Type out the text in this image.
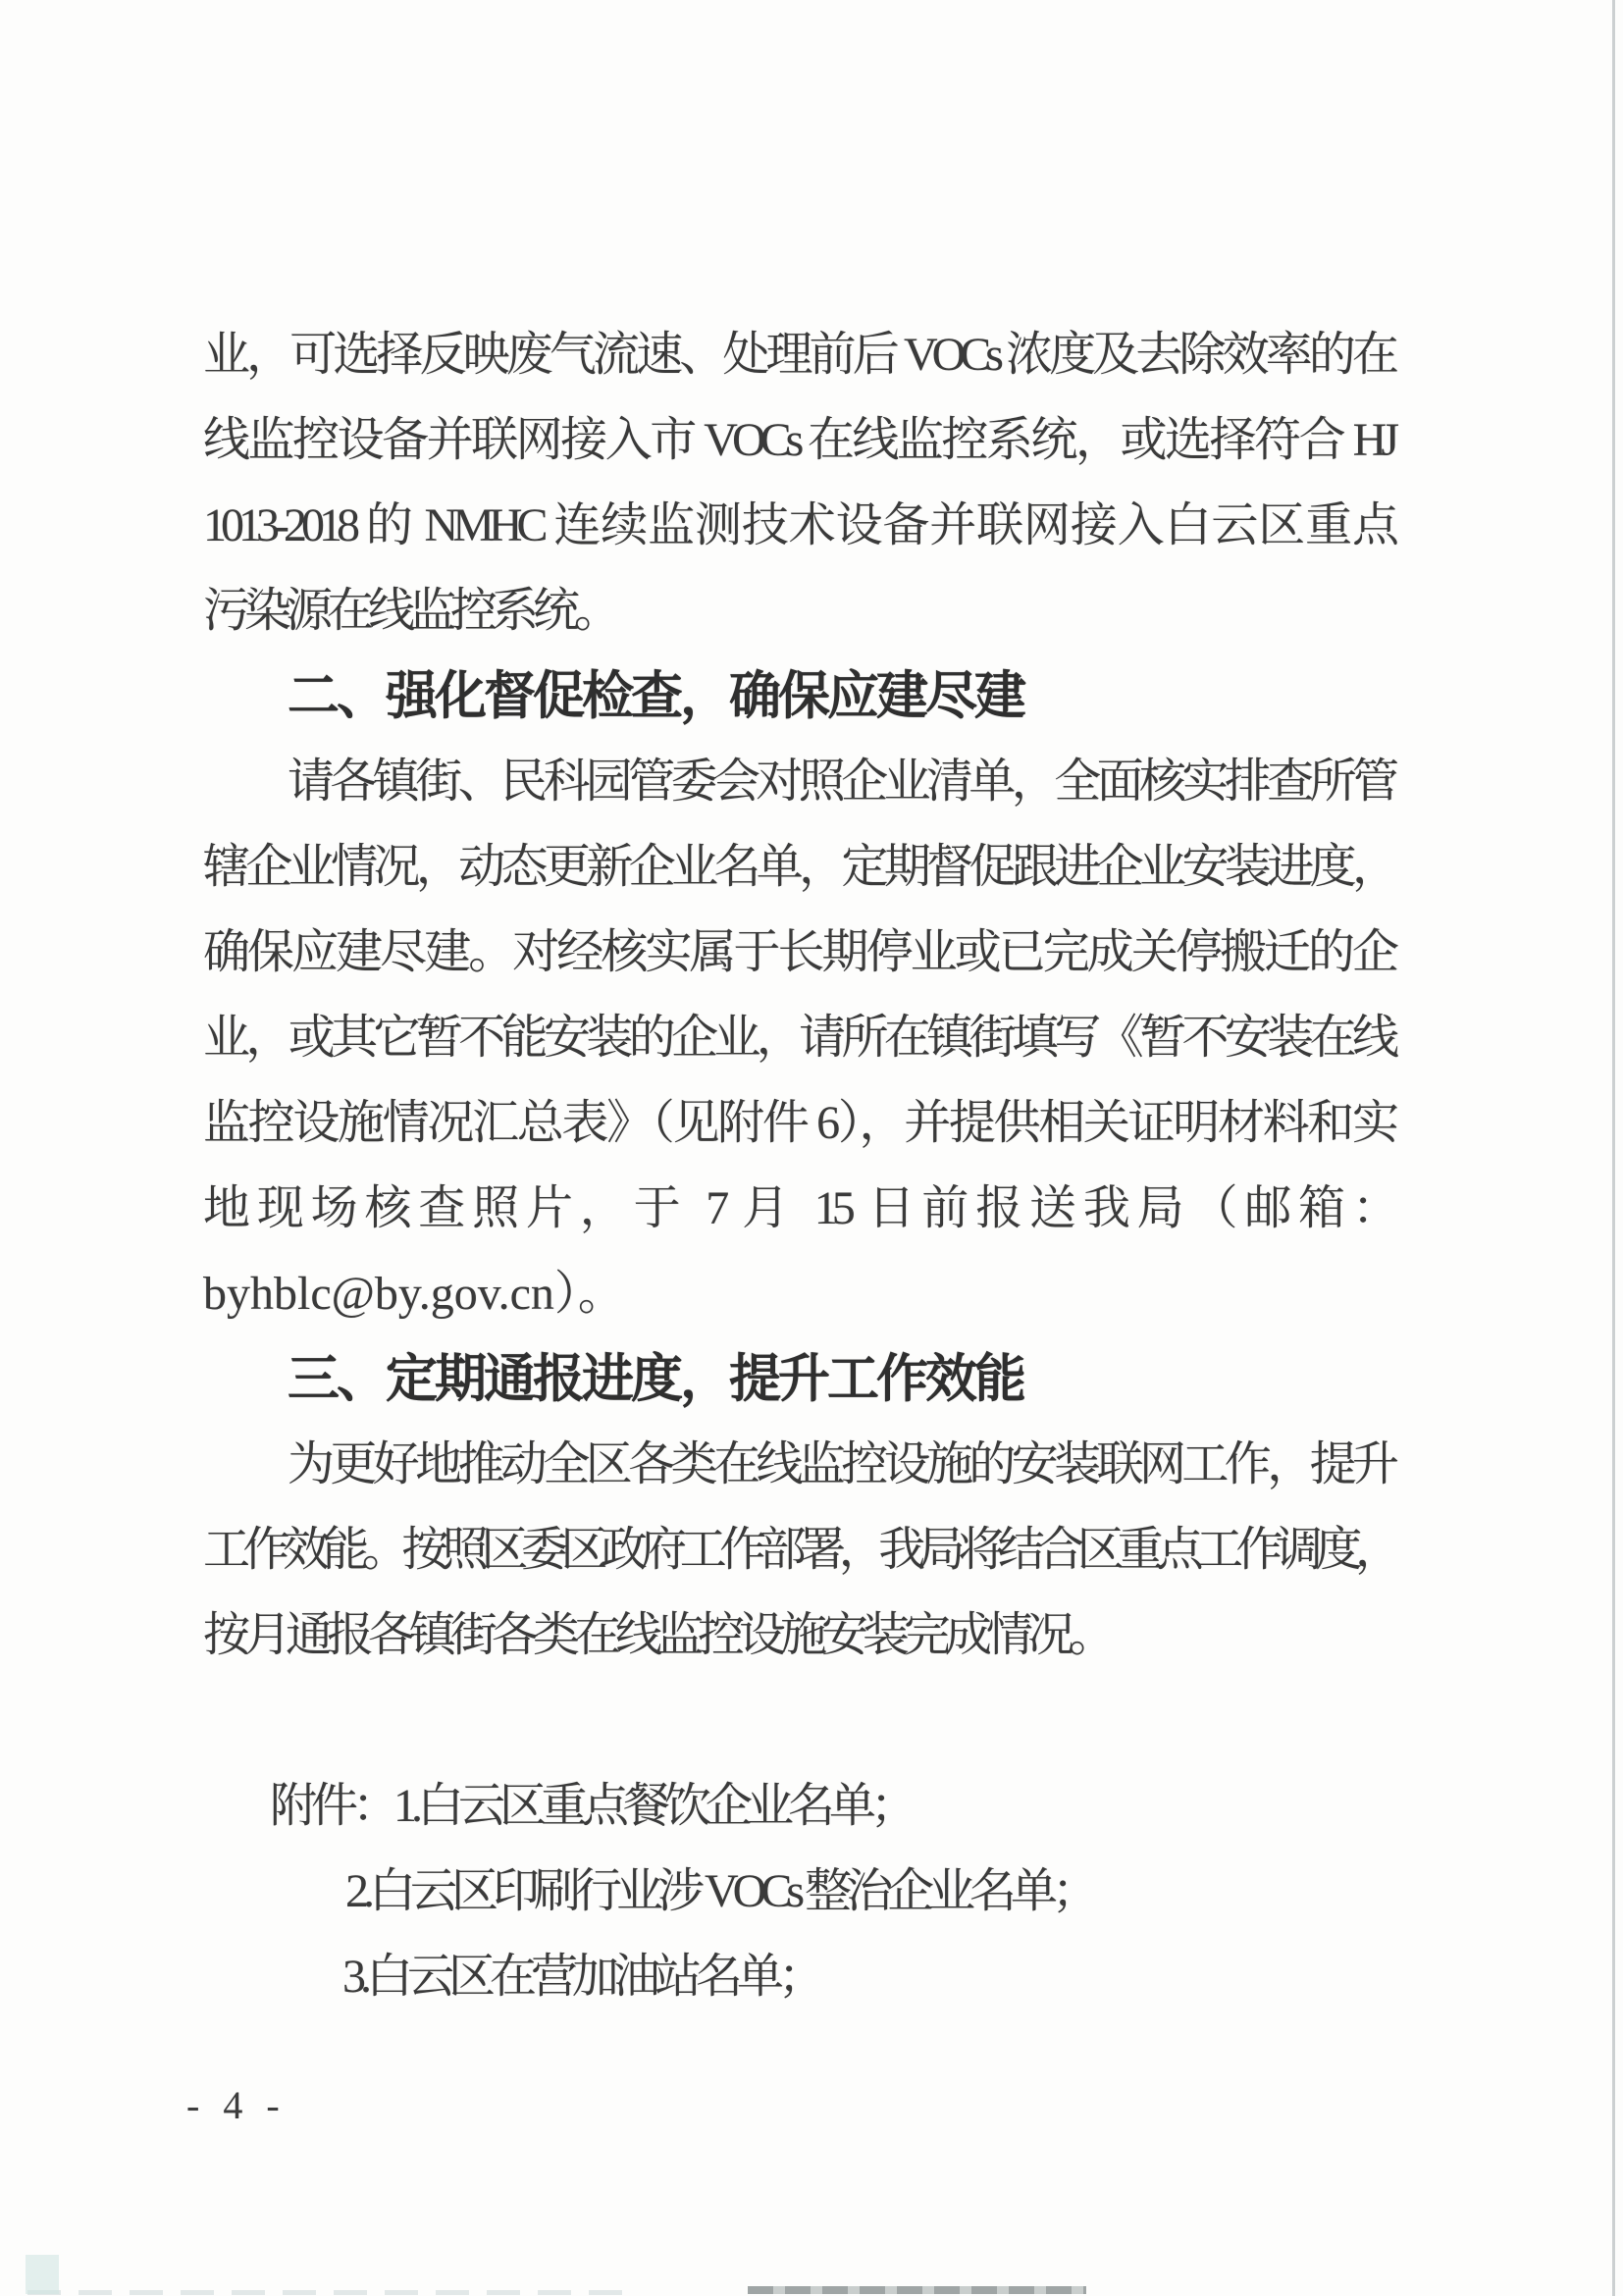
业，可选择反映废气流速、处理前后 VOCs 浓度及去除效率的在
线监控设备并联网接入市 VOCs 在线监控系统，或选择符合 HJ
1013-2018 的 NMHC 连续监测技术设备并联网接入白云区重点
污染源在线监控系统。
二、强化督促检查，确保应建尽建
请各镇街、民科园管委会对照企业清单，全面核实排查所管
辖企业情况，动态更新企业名单，定期督促跟进企业安装进度，
确保应建尽建。对经核实属于长期停业或已完成关停搬迁的企
业，或其它暂不能安装的企业，请所在镇街填写《暂不安装在线
监控设施情况汇总表》（见附件 6），并提供相关证明材料和实
地现场核查照片，于 7 月 15 日前报送我局（邮箱：
byhblc@by.gov.cn）。
三、定期通报进度，提升工作效能
为更好地推动全区各类在线监控设施的安装联网工作，提升
工作效能。按照区委区政府工作部署，我局将结合区重点工作调度，
按月通报各镇街各类在线监控设施安装完成情况。
附件：1.白云区重点餐饮企业名单；
2.白云区印刷行业涉 VOCs 整治企业名单；
3.白云区在营加油站名单；
- 4 -
